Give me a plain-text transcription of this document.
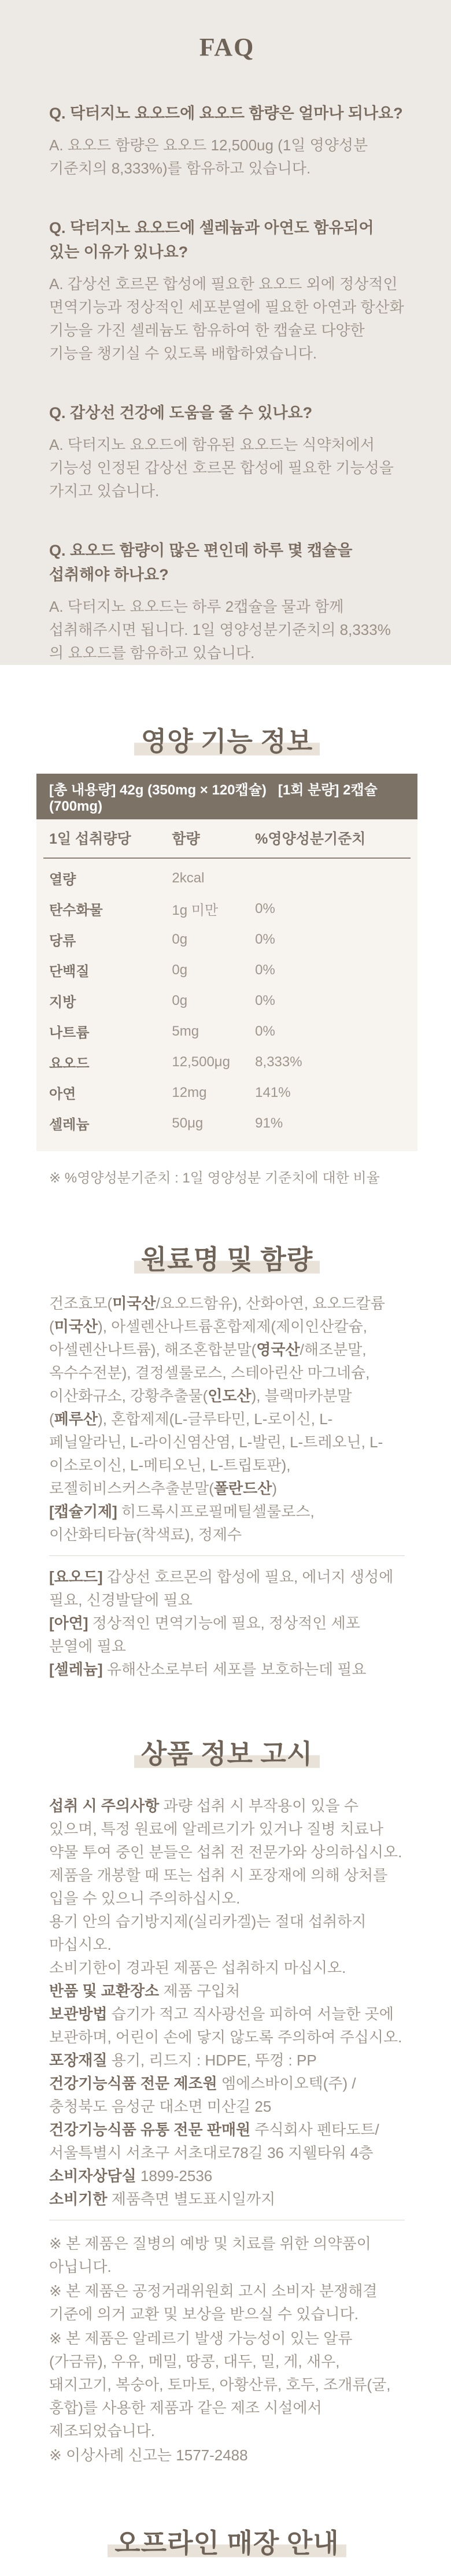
FAQ

Q. 닥터지노 요오드에 요오드 함량은 얼마나 되나요?

A. 요오드 함량은 요오드 12,500ug (1일 영양성분 기준치의 8,333%)를 함유하고 있습니다.

Q. 닥터지노 요오드에 셀레늄과 아연도 함유되어 있는 이유가 있나요?

A. 갑상선 호르몬 합성에 필요한 요오드 외에 정상적인 면역기능과 정상적인 세포분열에 필요한 아연과 항산화 기능을 가진 셀레늄도 함유하여 한 캡슐로 다양한 기능을 챙기실 수 있도록 배합하였습니다.

Q. 갑상선 건강에 도움을 줄 수 있나요?

A. 닥터지노 요오드에 함유된 요오드는 식약처에서 기능성 인정된 갑상선 호르몬 합성에 필요한 기능성을 가지고 있습니다.

Q. 요오드 함량이 많은 편인데 하루 몇 캡슐을 섭취해야 하나요?

A. 닥터지노 요오드는 하루 2캡슐을 물과 함께 섭취해주시면 됩니다. 1일 영양성분기준치의 8,333%의 요오드를 함유하고 있습니다.

영양 기능 정보
[총 내용량] 42g (350mg × 120캡슐)   [1회 분량] 2캡슐 (700mg)
1일 섭취량당	함량	%영양성분기준치
열량	2kcal	
탄수화물	1g 미만	0%
당류	0g	0%
단백질	0g	0%
지방	0g	0%
나트륨	5mg	0%
요오드	12,500μg	8,333%
아연	12mg	141%
셀레늄	50μg	91%

※ %영양성분기준치 : 1일 영양성분 기준치에 대한 비율

원료명 및 함량

건조효모(미국산/요오드함유), 산화아연, 요오드칼륨(미국산), 아셀렌산나트륨혼합제제(제이인산칼슘, 아셀렌산나트륨), 해조혼합분말(영국산/해조분말, 옥수수전분), 결정셀룰로스, 스테아린산 마그네슘, 이산화규소, 강황추출물(인도산), 블랙마카분말(페루산), 혼합제제(L-글루타민, L-로이신, L-페닐알라닌, L-라이신염산염, L-발린, L-트레오닌, L-이소로이신, L-메티오닌, L-트립토판), 로젤히비스커스추출분말(폴란드산)

[캡슐기제] 히드록시프로필메틸셀룰로스, 이산화티타늄(착색료), 정제수

[요오드] 갑상선 호르몬의 합성에 필요, 에너지 생성에 필요, 신경발달에 필요

[아연] 정상적인 면역기능에 필요, 정상적인 세포 분열에 필요

[셀레늄] 유해산소로부터 세포를 보호하는데 필요

상품 정보 고시

섭취 시 주의사항 과량 섭취 시 부작용이 있을 수 있으며, 특정 원료에 알레르기가 있거나 질병 치료나 약물 투여 중인 분들은 섭취 전 전문가와 상의하십시오.

제품을 개봉할 때 또는 섭취 시 포장재에 의해 상처를 입을 수 있으니 주의하십시오.

용기 안의 습기방지제(실리카겔)는 절대 섭취하지 마십시오.

소비기한이 경과된 제품은 섭취하지 마십시오.

반품 및 교환장소 제품 구입처

보관방법 습기가 적고 직사광선을 피하여 서늘한 곳에 보관하며, 어린이 손에 닿지 않도록 주의하여 주십시오.

포장재질 용기, 리드지 : HDPE, 뚜껑 : PP

건강기능식품 전문 제조원 엠에스바이오텍(주) / 충청북도 음성군 대소면 미산길 25

건강기능식품 유통 전문 판매원 주식회사 펜타도트/ 서울특별시 서초구 서초대로78길 36 지웰타워 4층

소비자상담실 1899-2536

소비기한 제품측면 별도표시일까지

※ 본 제품은 질병의 예방 및 치료를 위한 의약품이 아닙니다.

※ 본 제품은 공정거래위원회 고시 소비자 분쟁해결 기준에 의거 교환 및 보상을 받으실 수 있습니다.

※ 본 제품은 알레르기 발생 가능성이 있는 알류(가금류), 우유, 메밀, 땅콩, 대두, 밀, 게, 새우, 돼지고기, 복숭아, 토마토, 아황산류, 호두, 조개류(굴, 홍합)를 사용한 제품과 같은 제조 시설에서 제조되었습니다.

※ 이상사례 신고는 1577-2488

오프라인 매장 안내
